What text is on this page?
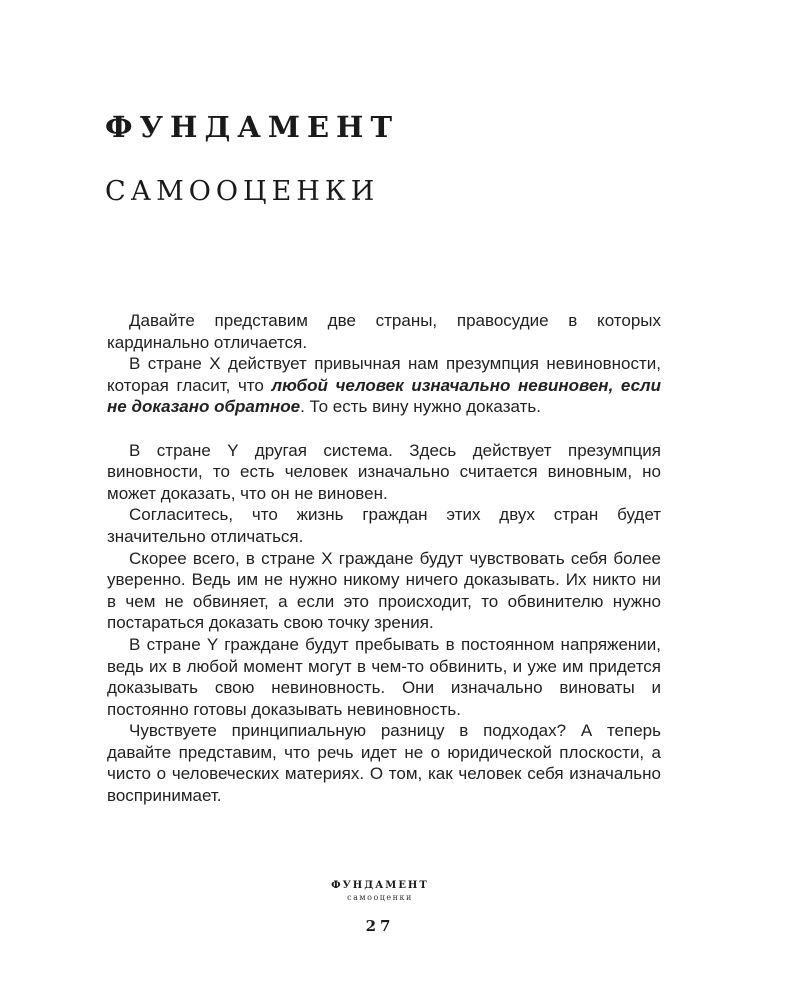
ФУНДАМЕНТ
САМООЦЕНКИ

Давайте представим две страны, правосудие в которых кардинально отличается.

В стране Х действует привычная нам презумпция невиновности, которая гласит, что любой человек изначально невиновен, если не доказано обратное. То есть вину нужно доказать.

В стране Y другая система. Здесь действует презумпция виновности, то есть человек изначально считается виновным, но может доказать, что он не виновен.

Согласитесь, что жизнь граждан этих двух стран будет значительно отличаться.

Скорее всего, в стране Х граждане будут чувствовать себя более уверенно. Ведь им не нужно никому ничего доказывать. Их никто ни в чем не обвиняет, а если это происходит, то обвинителю нужно постараться доказать свою точку зрения.

В стране Y граждане будут пребывать в постоянном напряжении, ведь их в любой момент могут в чем-то обвинить, и уже им придется доказывать свою невиновность. Они изначально виноваты и постоянно готовы доказывать невиновность.

Чувствуете принципиальную разницу в подходах? А теперь давайте представим, что речь идет не о юридической плоскости, а чисто о человеческих материях. О том, как человек себя изначально воспринимает.

ФУНДАМЕНТ
самооценки
27
